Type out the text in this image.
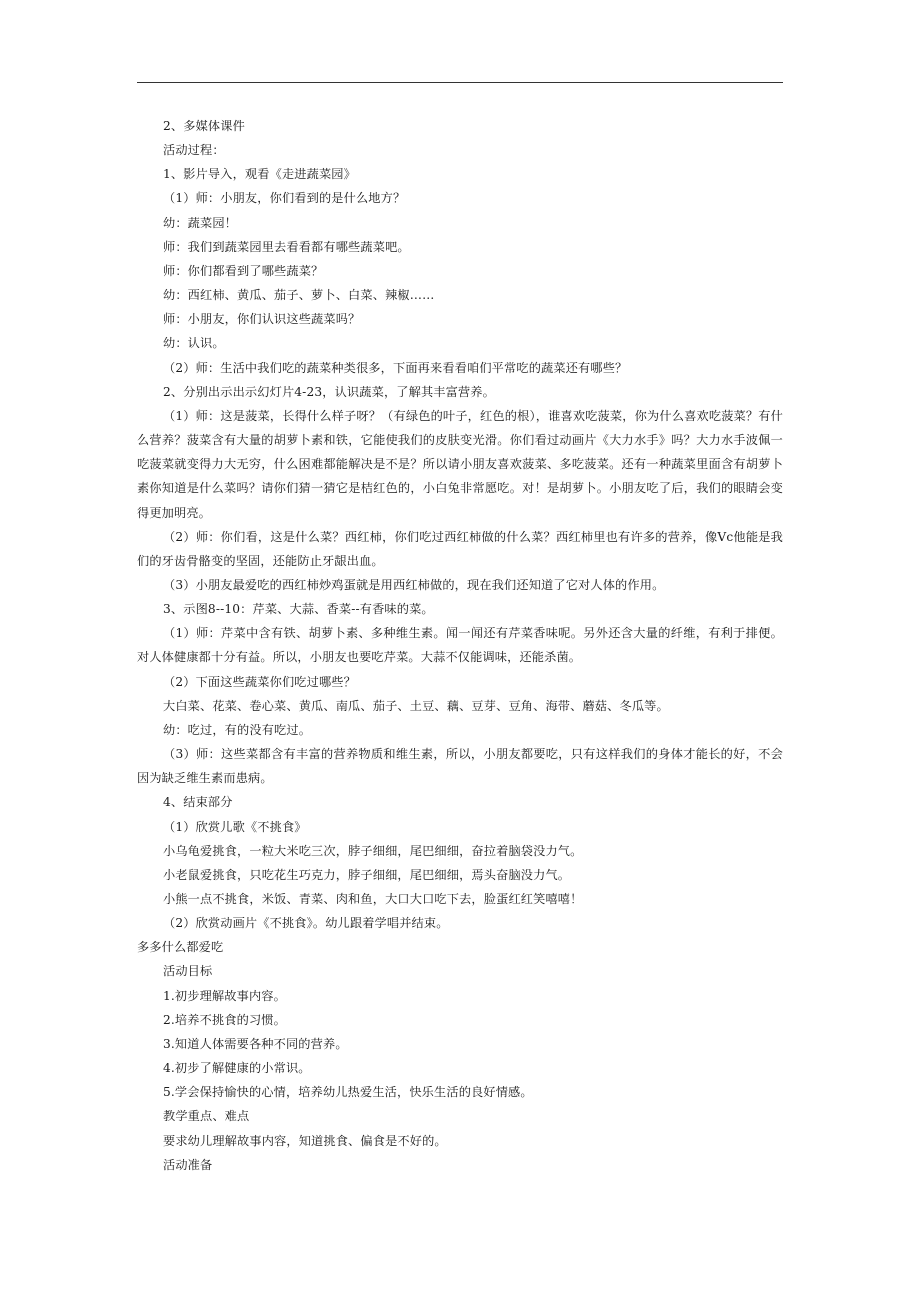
2、多媒体课件

活动过程：

1、影片导入，观看《走进蔬菜园》

（1）师：小朋友，你们看到的是什么地方？

幼：蔬菜园！

师：我们到蔬菜园里去看看都有哪些蔬菜吧。

师：你们都看到了哪些蔬菜？

幼：西红柿、黄瓜、茄子、萝卜、白菜、辣椒……

师：小朋友，你们认识这些蔬菜吗？

幼：认识。

（2）师：生活中我们吃的蔬菜种类很多，下面再来看看咱们平常吃的蔬菜还有哪些？

2、分别出示出示幻灯片4-23，认识蔬菜，了解其丰富营养。

（1）师：这是菠菜，长得什么样子呀？（有绿色的叶子，红色的根），谁喜欢吃菠菜，你为什么喜欢吃菠菜？有什么营养？菠菜含有大量的胡萝卜素和铁，它能使我们的皮肤变光滑。你们看过动画片《大力水手》吗？大力水手波佩一吃菠菜就变得力大无穷，什么困难都能解决是不是？所以请小朋友喜欢菠菜、多吃菠菜。还有一种蔬菜里面含有胡萝卜素你知道是什么菜吗？请你们猜一猜它是桔红色的，小白兔非常愿吃。对！是胡萝卜。小朋友吃了后，我们的眼睛会变得更加明亮。

（2）师：你们看，这是什么菜？西红柿，你们吃过西红柿做的什么菜？西红柿里也有许多的营养，像Vc他能是我们的牙齿骨骼变的坚固，还能防止牙龈出血。

（3）小朋友最爱吃的西红柿炒鸡蛋就是用西红柿做的，现在我们还知道了它对人体的作用。

3、示图8--10：芹菜、大蒜、香菜--有香味的菜。

（1）师：芹菜中含有铁、胡萝卜素、多种维生素。闻一闻还有芹菜香味呢。另外还含大量的纤维，有利于排便。对人体健康都十分有益。所以，小朋友也要吃芹菜。大蒜不仅能调味，还能杀菌。

（2）下面这些蔬菜你们吃过哪些？

大白菜、花菜、卷心菜、黄瓜、南瓜、茄子、土豆、藕、豆芽、豆角、海带、蘑菇、冬瓜等。

幼：吃过，有的没有吃过。

（3）师：这些菜都含有丰富的营养物质和维生素，所以，小朋友都要吃，只有这样我们的身体才能长的好，不会因为缺乏维生素而患病。

4、结束部分

（1）欣赏儿歌《不挑食》

小乌龟爱挑食，一粒大米吃三次，脖子细细，尾巴细细，奋拉着脑袋没力气。

小老鼠爱挑食，只吃花生巧克力，脖子细细，尾巴细细，焉头奋脑没力气。

小熊一点不挑食，米饭、青菜、肉和鱼，大口大口吃下去，脸蛋红红笑嘻嘻！

（2）欣赏动画片《不挑食》。幼儿跟着学唱并结束。

多多什么都爱吃

活动目标

1.初步理解故事内容。

2.培养不挑食的习惯。

3.知道人体需要各种不同的营养。

4.初步了解健康的小常识。

5.学会保持愉快的心情，培养幼儿热爱生活，快乐生活的良好情感。

教学重点、难点

要求幼儿理解故事内容，知道挑食、偏食是不好的。

活动准备
